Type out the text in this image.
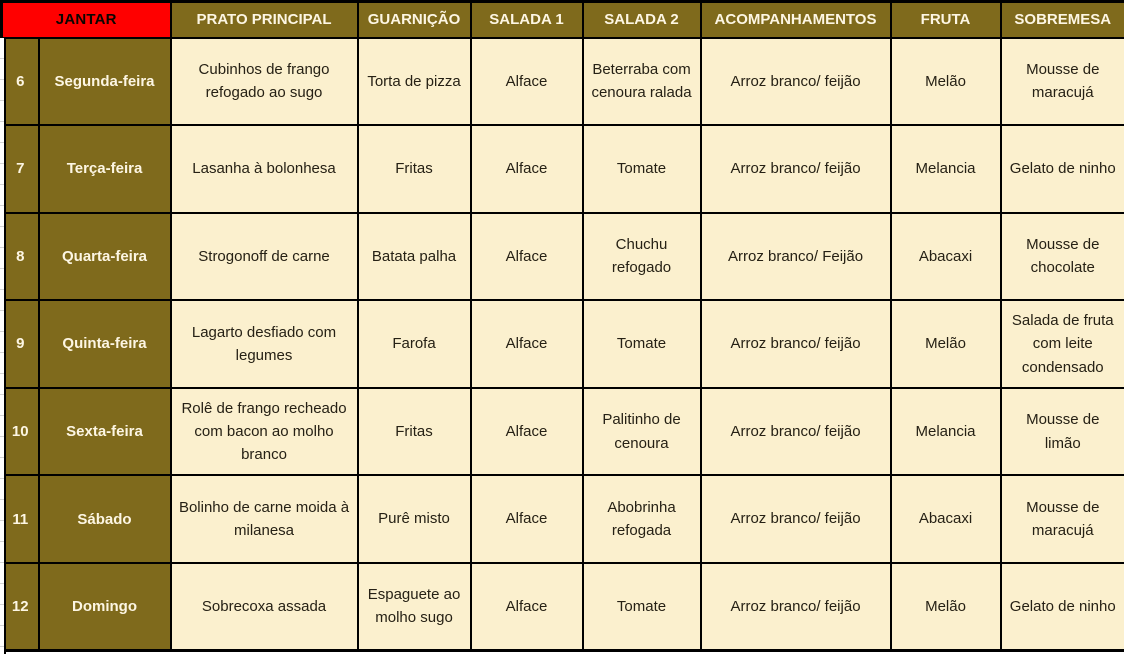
JANTAR		PRATO PRINCIPAL	GUARNIÇÃO	SALADA 1	SALADA 2	ACOMPANHAMENTOS	FRUTA	SOBREMESA
6	Segunda-feira	Cubinhos de frango refogado ao sugo	Torta de pizza	Alface	Beterraba com cenoura ralada	Arroz branco/ feijão	Melão	Mousse de maracujá
7	Terça-feira	Lasanha à bolonhesa	Fritas	Alface	Tomate	Arroz branco/ feijão	Melancia	Gelato de ninho
8	Quarta-feira	Strogonoff de carne	Batata palha	Alface	Chuchu refogado	Arroz branco/ Feijão	Abacaxi	Mousse de chocolate
9	Quinta-feira	Lagarto desfiado com legumes	Farofa	Alface	Tomate	Arroz branco/ feijão	Melão	Salada de fruta com leite condensado
10	Sexta-feira	Rolê de frango recheado com bacon ao molho branco	Fritas	Alface	Palitinho de cenoura	Arroz branco/ feijão	Melancia	Mousse de limão
11	Sábado	Bolinho de carne moida à milanesa	Purê misto	Alface	Abobrinha refogada	Arroz branco/ feijão	Abacaxi	Mousse de maracujá
12	Domingo	Sobrecoxa assada	Espaguete ao molho sugo	Alface	Tomate	Arroz branco/ feijão	Melão	Gelato de ninho
